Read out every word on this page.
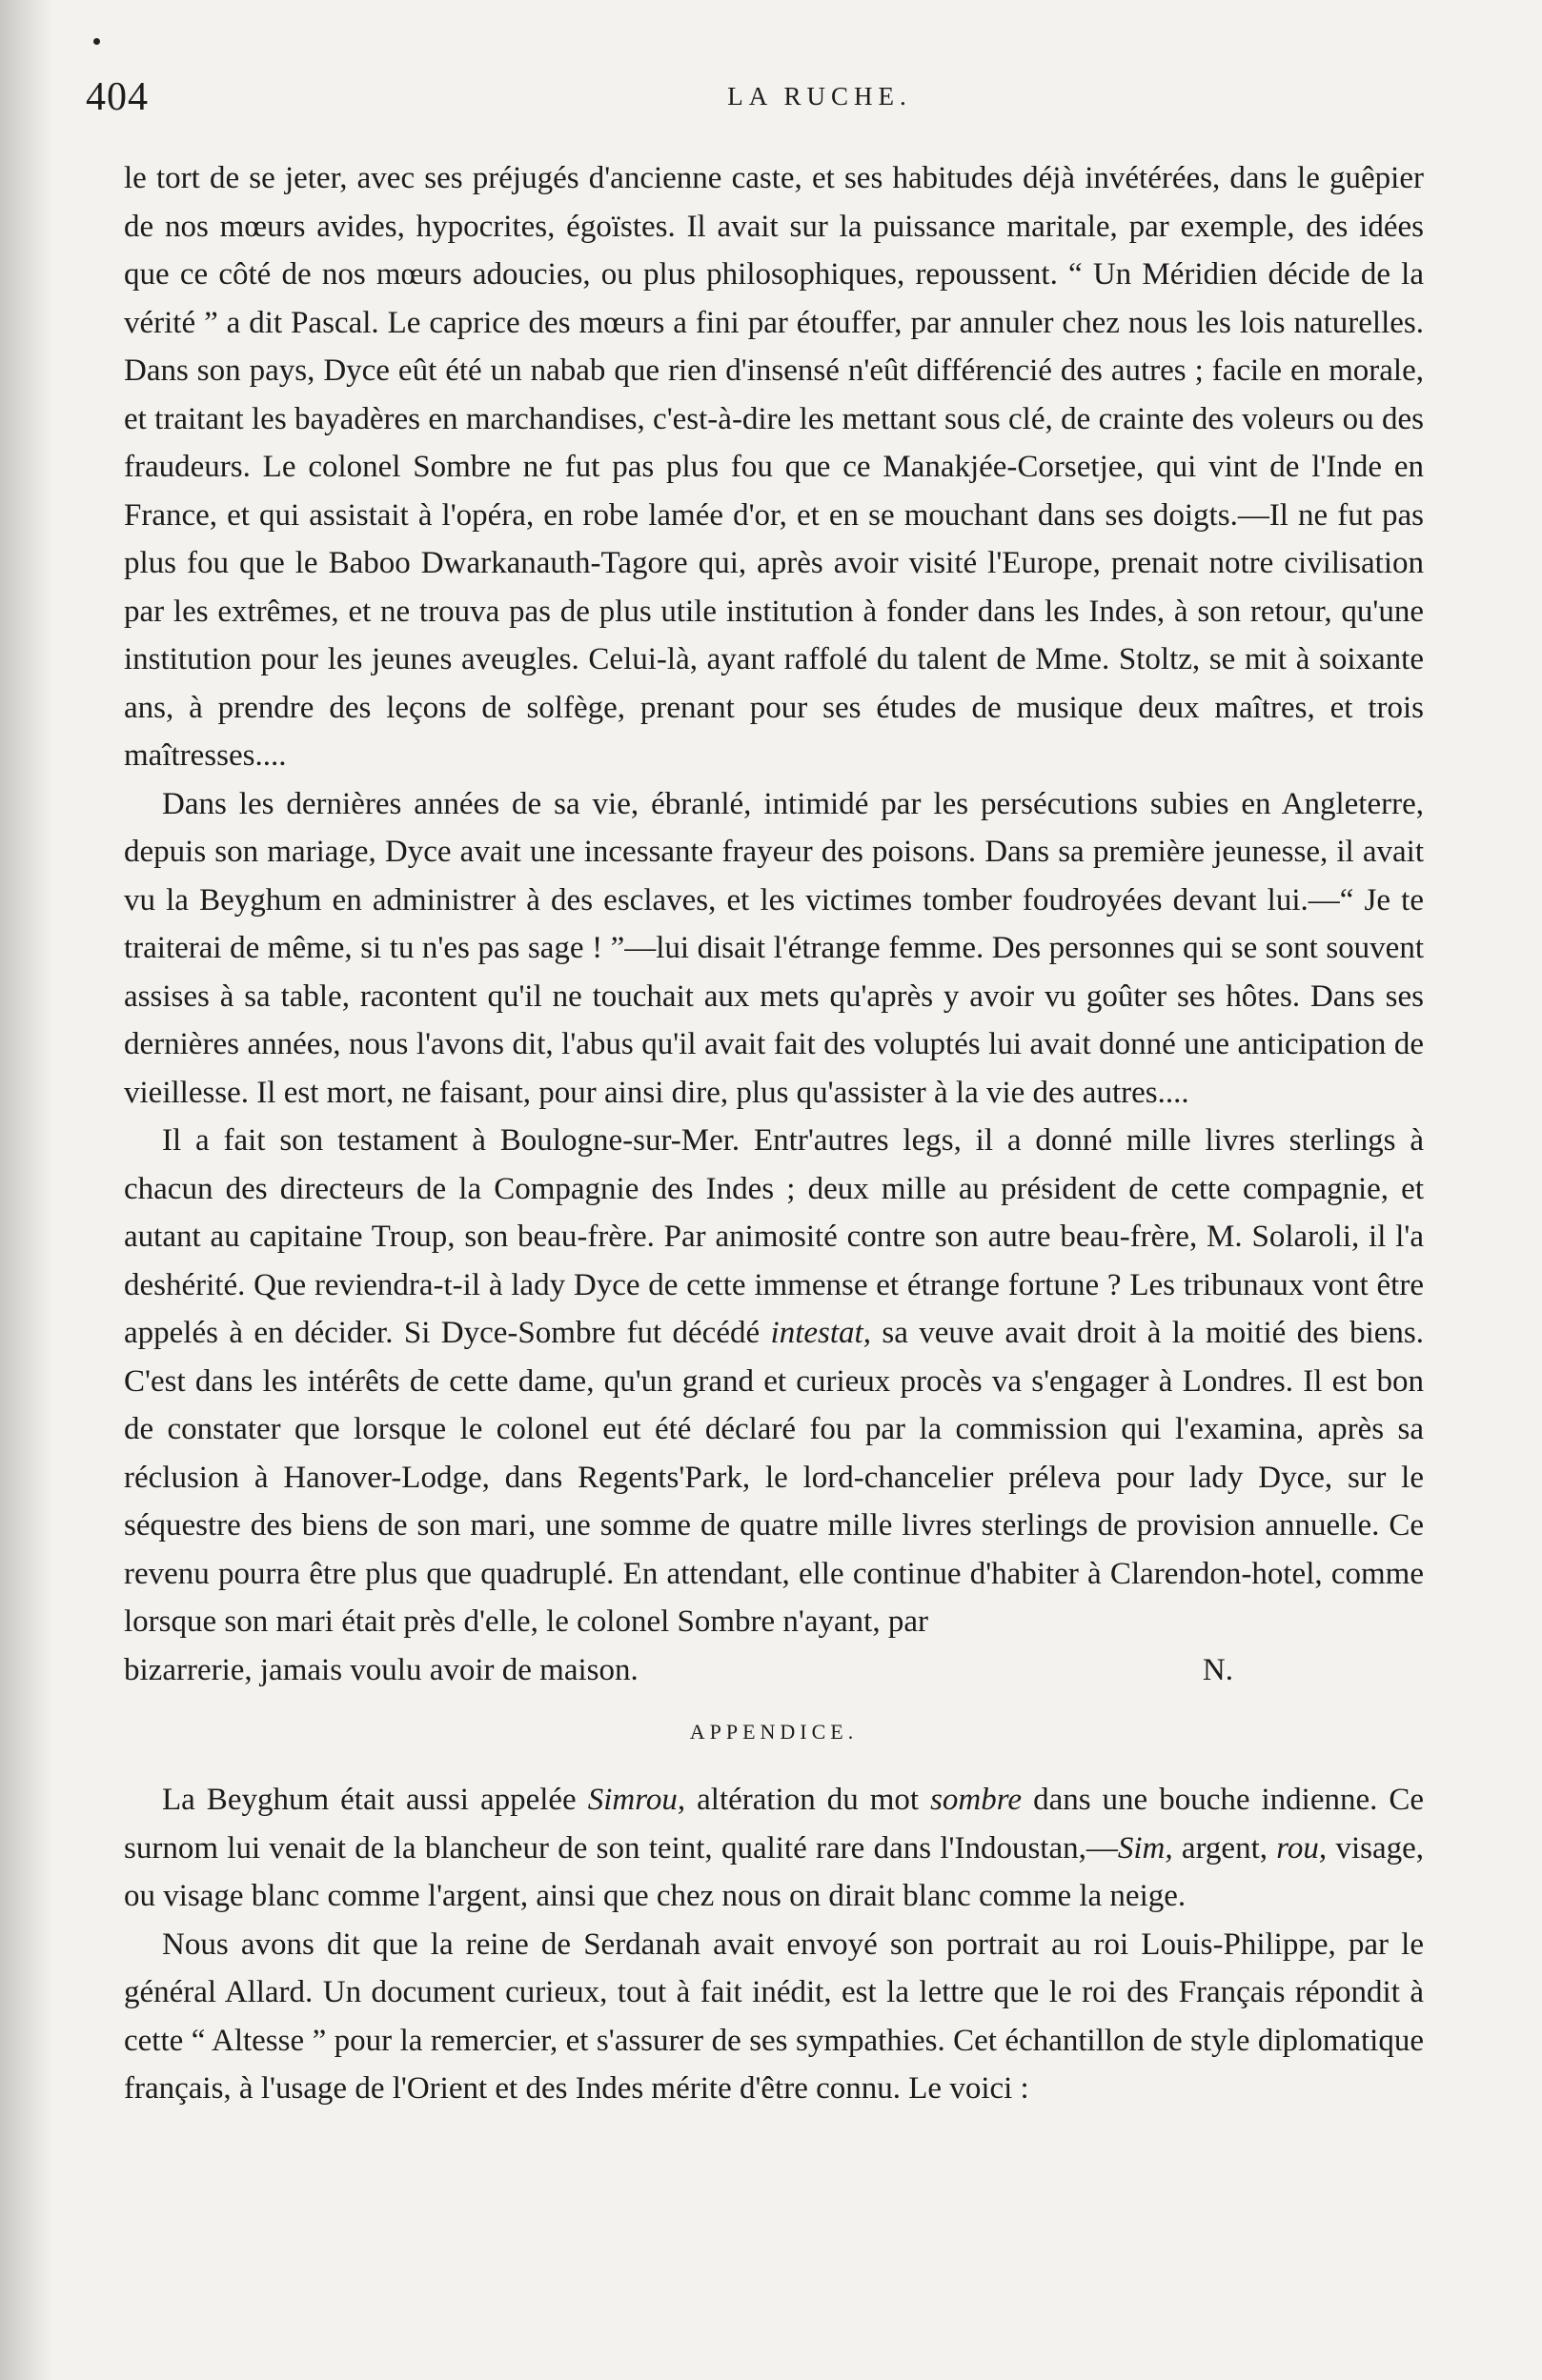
404	LA RUCHE.

le tort de se jeter, avec ses préjugés d'ancienne caste, et ses habitudes déjà invétérées, dans le guêpier de nos mœurs avides, hypocrites, égoïstes. Il avait sur la puissance maritale, par exemple, des idées que ce côté de nos mœurs adoucies, ou plus philosophiques, repoussent. “ Un Méridien décide de la vérité ” a dit Pascal. Le caprice des mœurs a fini par étouffer, par annuler chez nous les lois naturelles. Dans son pays, Dyce eût été un nabab que rien d'insensé n'eût différencié des autres ; facile en morale, et traitant les bayadères en marchandises, c'est-à-dire les mettant sous clé, de crainte des voleurs ou des fraudeurs. Le colonel Sombre ne fut pas plus fou que ce Manakjée-Corsetjee, qui vint de l'Inde en France, et qui assistait à l'opéra, en robe lamée d'or, et en se mouchant dans ses doigts.—Il ne fut pas plus fou que le Baboo Dwarkanauth-Tagore qui, après avoir visité l'Europe, prenait notre civilisation par les extrêmes, et ne trouva pas de plus utile institution à fonder dans les Indes, à son retour, qu'une institution pour les jeunes aveugles. Celui-là, ayant raffolé du talent de Mme. Stoltz, se mit à soixante ans, à prendre des leçons de solfège, prenant pour ses études de musique deux maîtres, et trois maîtresses....

Dans les dernières années de sa vie, ébranlé, intimidé par les persécutions subies en Angleterre, depuis son mariage, Dyce avait une incessante frayeur des poisons. Dans sa première jeunesse, il avait vu la Beyghum en administrer à des esclaves, et les victimes tomber foudroyées devant lui.—“ Je te traiterai de même, si tu n'es pas sage ! ”—lui disait l'étrange femme. Des personnes qui se sont souvent assises à sa table, racontent qu'il ne touchait aux mets qu'après y avoir vu goûter ses hôtes. Dans ses dernières années, nous l'avons dit, l'abus qu'il avait fait des voluptés lui avait donné une anticipation de vieillesse. Il est mort, ne faisant, pour ainsi dire, plus qu'assister à la vie des autres....

Il a fait son testament à Boulogne-sur-Mer. Entr'autres legs, il a donné mille livres sterlings à chacun des directeurs de la Compagnie des Indes ; deux mille au président de cette compagnie, et autant au capitaine Troup, son beau-frère. Par animosité contre son autre beau-frère, M. Solaroli, il l'a deshérité. Que reviendra-t-il à lady Dyce de cette immense et étrange fortune ? Les tribunaux vont être appelés à en décider. Si Dyce-Sombre fut décédé intestat, sa veuve avait droit à la moitié des biens. C'est dans les intérêts de cette dame, qu'un grand et curieux procès va s'engager à Londres. Il est bon de constater que lorsque le colonel eut été déclaré fou par la commission qui l'examina, après sa réclusion à Hanover-Lodge, dans Regents'Park, le lord-chancelier préleva pour lady Dyce, sur le séquestre des biens de son mari, une somme de quatre mille livres sterlings de provision annuelle. Ce revenu pourra être plus que quadruplé. En attendant, elle continue d'habiter à Clarendon-hotel, comme lorsque son mari était près d'elle, le colonel Sombre n'ayant, par

bizarrerie, jamais voulu avoir de maison.	N.

APPENDICE.

La Beyghum était aussi appelée Simrou, altération du mot sombre dans une bouche indienne. Ce surnom lui venait de la blancheur de son teint, qualité rare dans l'Indoustan,—Sim, argent, rou, visage, ou visage blanc comme l'argent, ainsi que chez nous on dirait blanc comme la neige.

Nous avons dit que la reine de Serdanah avait envoyé son portrait au roi Louis-Philippe, par le général Allard. Un document curieux, tout à fait inédit, est la lettre que le roi des Français répondit à cette “ Altesse ” pour la remercier, et s'assurer de ses sympathies. Cet échantillon de style diplomatique français, à l'usage de l'Orient et des Indes mérite d'être connu. Le voici :
